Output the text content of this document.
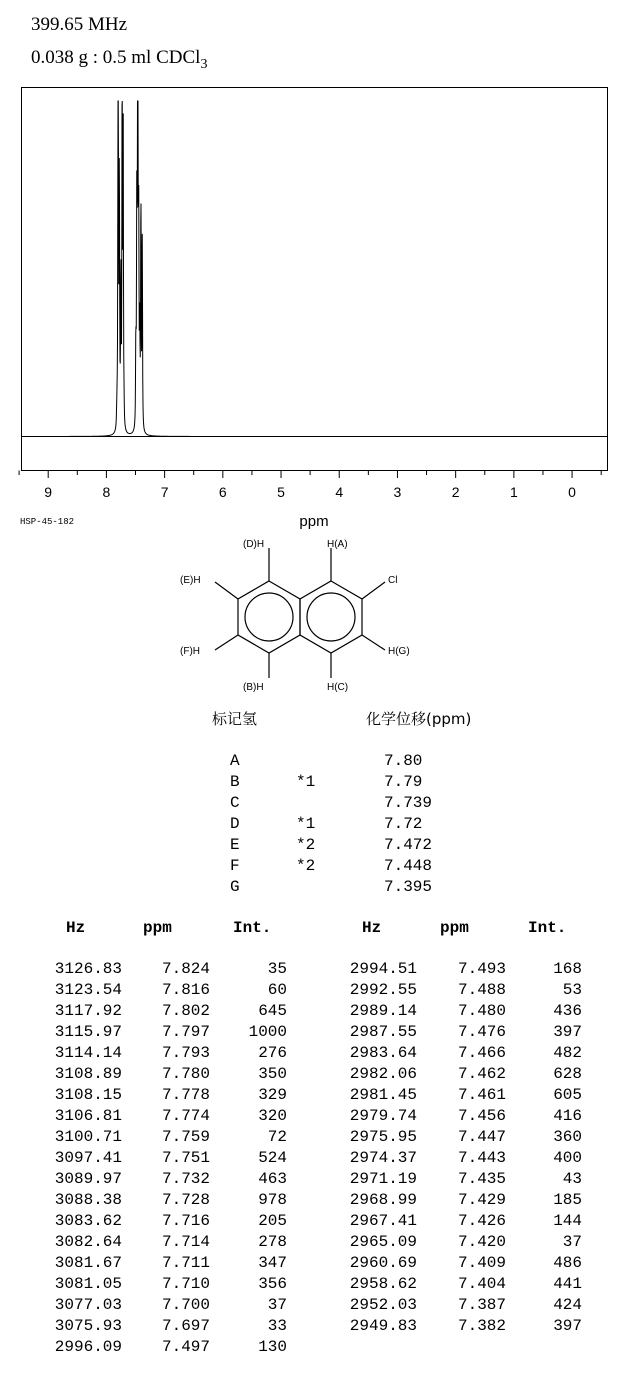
399.65 MHz
0.038 g : 0.5 ml CDCl$_3$
9	8	7	6	5	4	3	2	1	0
ppm
HSP-45-182
(D)H	H(A)
(E)H	Cl
(F)H	H(G)
(B)H	H(C)
标记氢	化学位移(ppm)
A	7.80
B	*1	7.79
C	7.739
D	*1	7.72
E	*2	7.472
F	*2	7.448
G	7.395
Hz	ppm	Int.	Hz	ppm	Int.
3126.83 7.824	35	2994.51	7.493	168
3123.54 7.816	60	2992.55	7.488	53
3117.92 7.802	645	2989.14	7.480	436
3115.97 7.797 1000	2987.55	7.476	397
3114.14 7.793	276	2983.64	7.466	482
3108.89 7.780	350	2982.06	7.462	628
3108.15 7.778	329	2981.45	7.461	605
3106.81 7.774	320	2979.74	7.456	416
3100.71 7.759	72	2975.95	7.447	360
3097.41 7.751	524	2974.37	7.443	400
3089.97 7.732	463	2971.19	7.435	43
3088.38 7.728	978	2968.99	7.429	185
3083.62 7.716	205	2967.41	7.426	144
3082.64 7.714	278	2965.09	7.420	37
3081.67 7.711	347	2960.69	7.409	486
3081.05 7.710	356	2958.62	7.404	441
3077.03 7.700	37	2952.03	7.387	424
3075.93 7.697	33	2949.83	7.382	397
2996.09 7.497	130
